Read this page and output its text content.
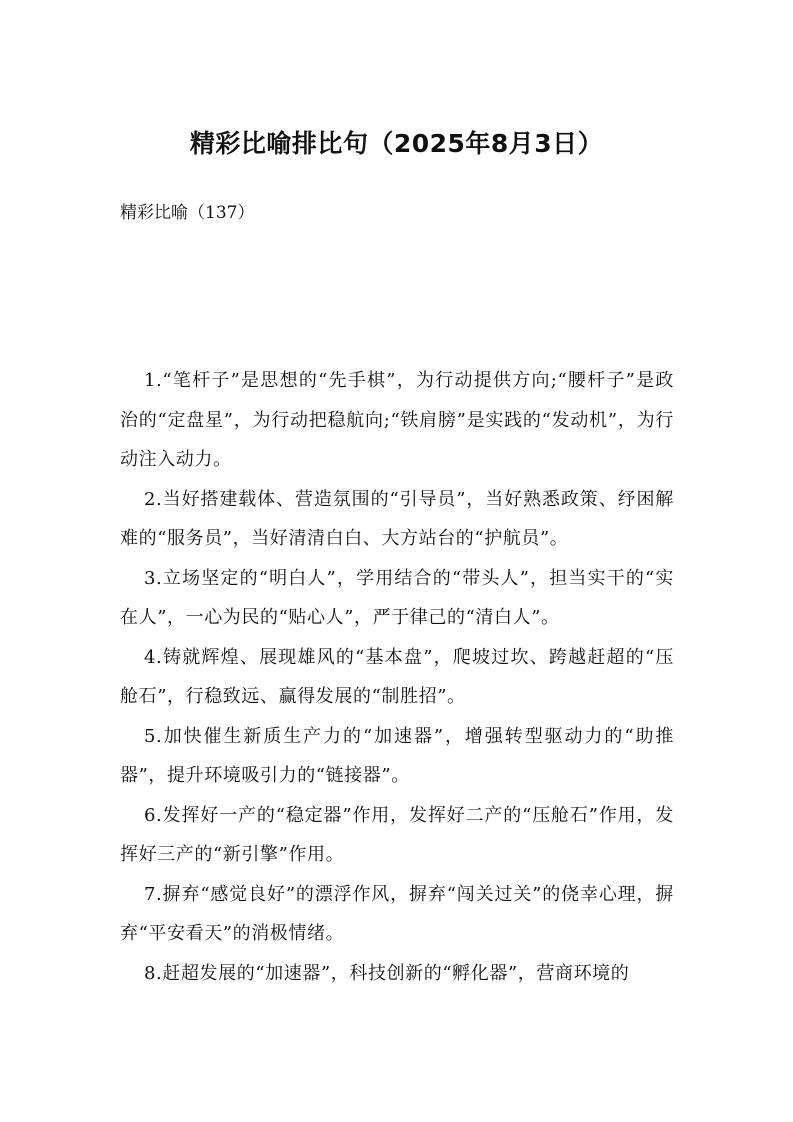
精彩比喻排比句（2025年8月3日）
精彩比喻（137）

1.“笔杆子”是思想的“先手棋”，为行动提供方向;“腰杆子”是政治的“定盘星”，为行动把稳航向;“铁肩膀”是实践的“发动机”，为行动注入动力。

2.当好搭建载体、营造氛围的“引导员”，当好熟悉政策、纾困解难的“服务员”，当好清清白白、大方站台的“护航员”。

3.立场坚定的“明白人”，学用结合的“带头人”，担当实干的“实在人”，一心为民的“贴心人”，严于律己的“清白人”。

4.铸就辉煌、展现雄风的“基本盘”，爬坡过坎、跨越赶超的“压舱石”，行稳致远、赢得发展的“制胜招”。

5.加快催生新质生产力的“加速器”，增强转型驱动力的“助推器”，提升环境吸引力的“链接器”。

6.发挥好一产的“稳定器”作用，发挥好二产的“压舱石”作用，发挥好三产的“新引擎”作用。

7.摒弃“感觉良好”的漂浮作风，摒弃“闯关过关”的侥幸心理，摒弃“平安看天”的消极情绪。

8.赶超发展的“加速器”，科技创新的“孵化器”，营商环境的
